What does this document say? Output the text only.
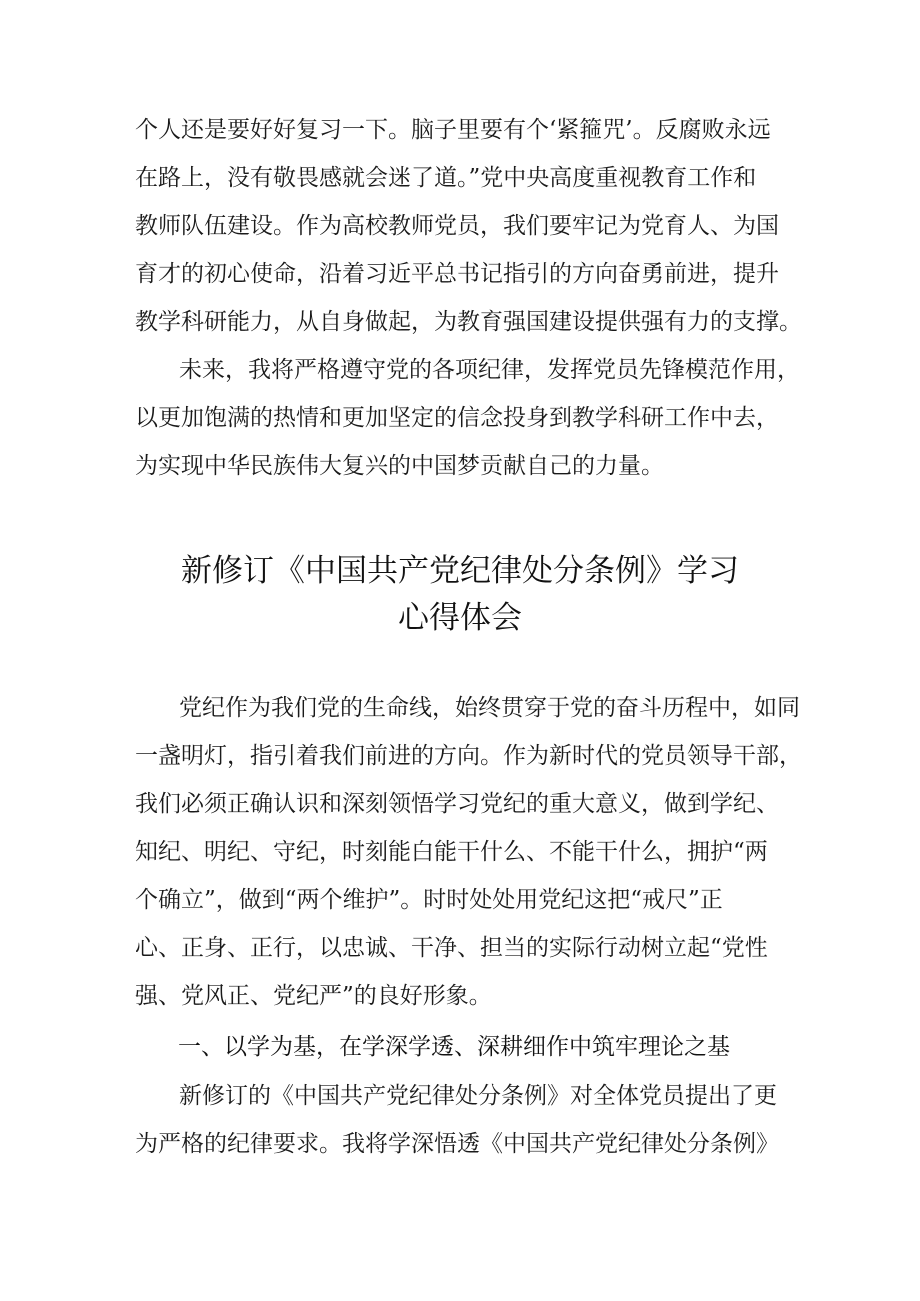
个人还是要好好复习一下。脑子里要有个‘紧箍咒’。反腐败永远
在路上，没有敬畏感就会迷了道。”党中央高度重视教育工作和
教师队伍建设。作为高校教师党员，我们要牢记为党育人、为国
育才的初心使命，沿着习近平总书记指引的方向奋勇前进，提升
教学科研能力，从自身做起，为教育强国建设提供强有力的支撑。
未来，我将严格遵守党的各项纪律，发挥党员先锋模范作用，
以更加饱满的热情和更加坚定的信念投身到教学科研工作中去，
为实现中华民族伟大复兴的中国梦贡献自己的力量。
新修订《中国共产党纪律处分条例》学习
心得体会
党纪作为我们党的生命线，始终贯穿于党的奋斗历程中，如同
一盏明灯，指引着我们前进的方向。作为新时代的党员领导干部，
我们必须正确认识和深刻领悟学习党纪的重大意义，做到学纪、
知纪、明纪、守纪，时刻能白能干什么、不能干什么，拥护“两
个确立”，做到“两个维护”。时时处处用党纪这把“戒尺”正
心、正身、正行，以忠诚、干净、担当的实际行动树立起“党性
强、党风正、党纪严”的良好形象。
一、以学为基，在学深学透、深耕细作中筑牢理论之基
新修订的《中国共产党纪律处分条例》对全体党员提出了更
为严格的纪律要求。我将学深悟透《中国共产党纪律处分条例》
